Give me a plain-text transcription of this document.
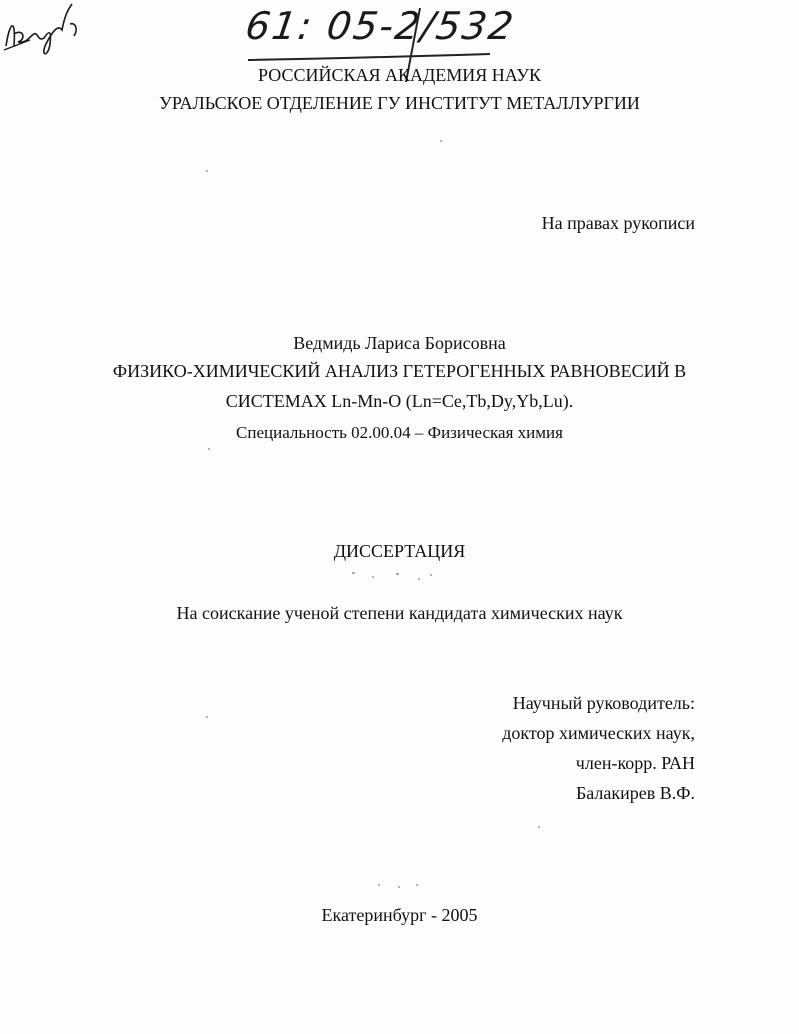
61: 05-2/532
РОССИЙСКАЯ АКАДЕМИЯ НАУК
УРАЛЬСКОЕ ОТДЕЛЕНИЕ ГУ ИНСТИТУТ МЕТАЛЛУРГИИ
На правах рукописи
Ведмидь Лариса Борисовна
ФИЗИКО-ХИМИЧЕСКИЙ АНАЛИЗ ГЕТЕРОГЕННЫХ РАВНОВЕСИЙ В
СИСТЕМАХ Ln-Mn-O (Ln=Ce,Tb,Dy,Yb,Lu).
Специальность 02.00.04 – Физическая химия
ДИССЕРТАЦИЯ
На соискание ученой степени кандидата химических наук
Научный руководитель:
доктор химических наук,
член-корр. РАН
Балакирев В.Ф.
Екатеринбург - 2005
